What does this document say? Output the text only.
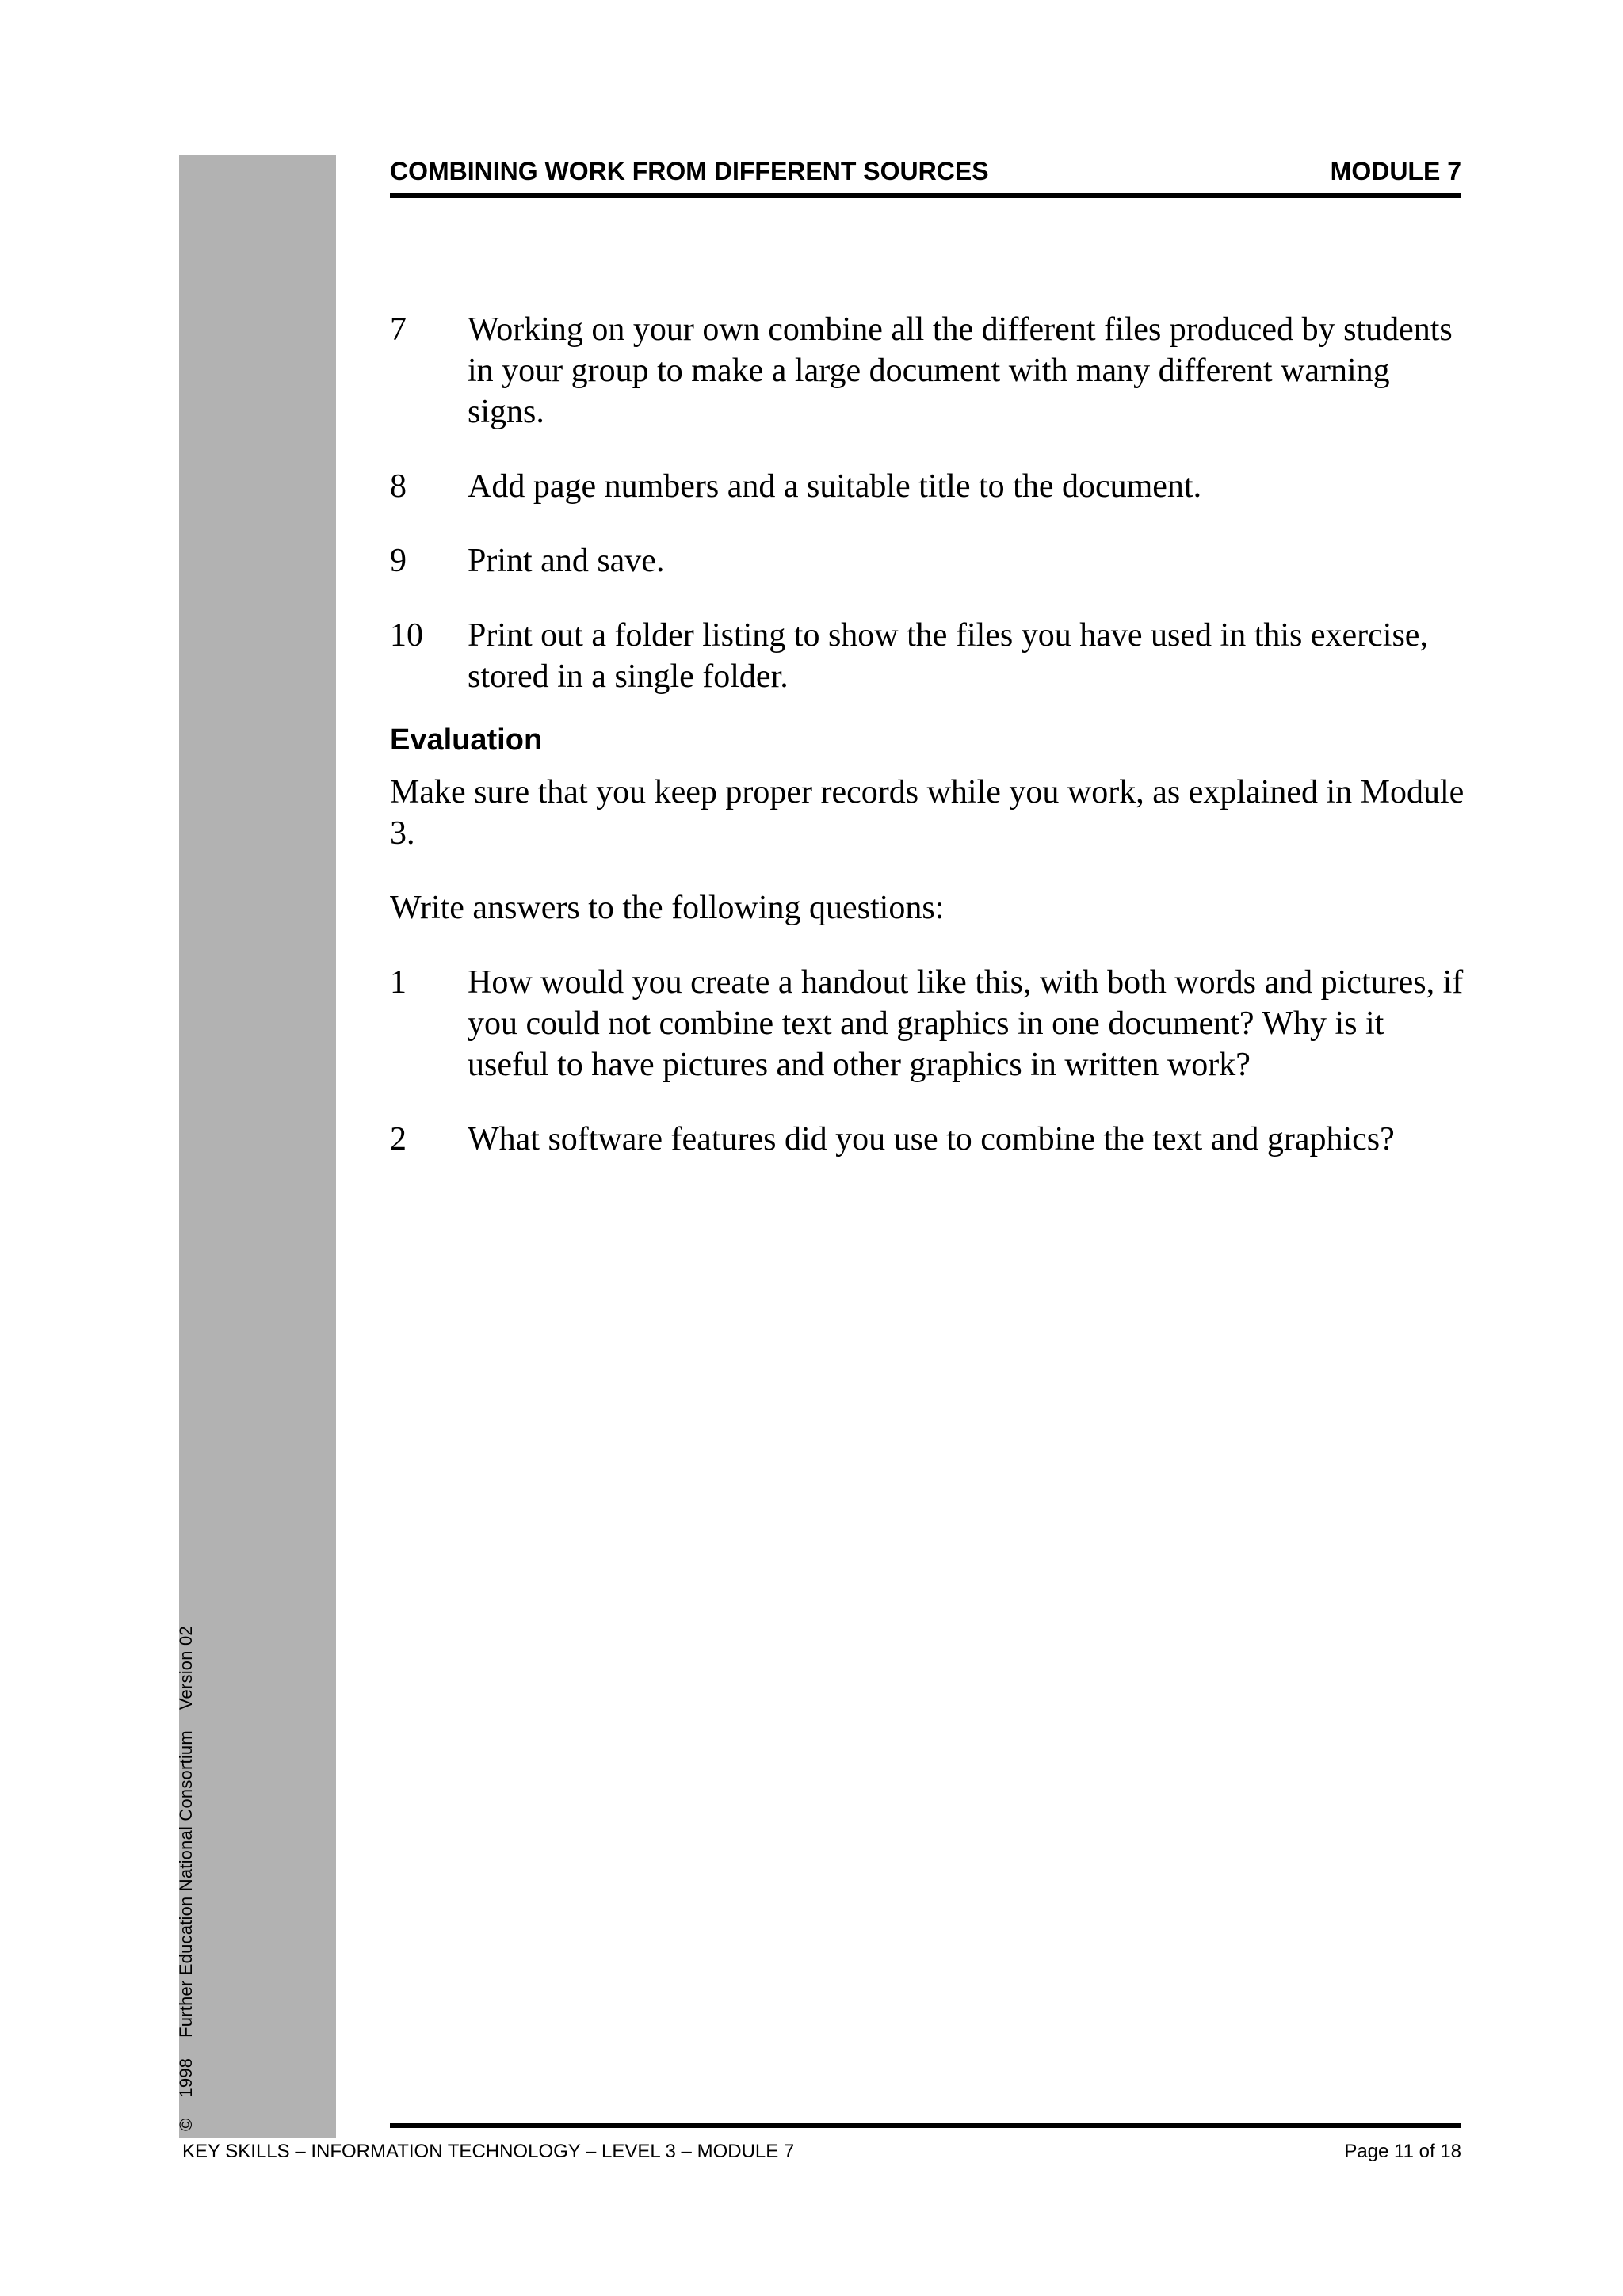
©1998Further Education National ConsortiumVersion 02
COMBINING WORK FROM DIFFERENT SOURCES	MODULE 7
7 Working on your own combine all the different files produced by students in your group to make a large document with many different warning signs.
8 Add page numbers and a suitable title to the document.
9 Print and save.
10 Print out a folder listing to show the files you have used in this exercise, stored in a single folder.
Evaluation

Make sure that you keep proper records while you work, as explained in Module 3.

Write answers to the following questions:

1 How would you create a handout like this, with both words and pictures, if you could not combine text and graphics in one document? Why is it useful to have pictures and other graphics in written work?
2 What software features did you use to combine the text and graphics?
KEY SKILLS – INFORMATION TECHNOLOGY – LEVEL 3 – MODULE 7	Page 11 of 18
